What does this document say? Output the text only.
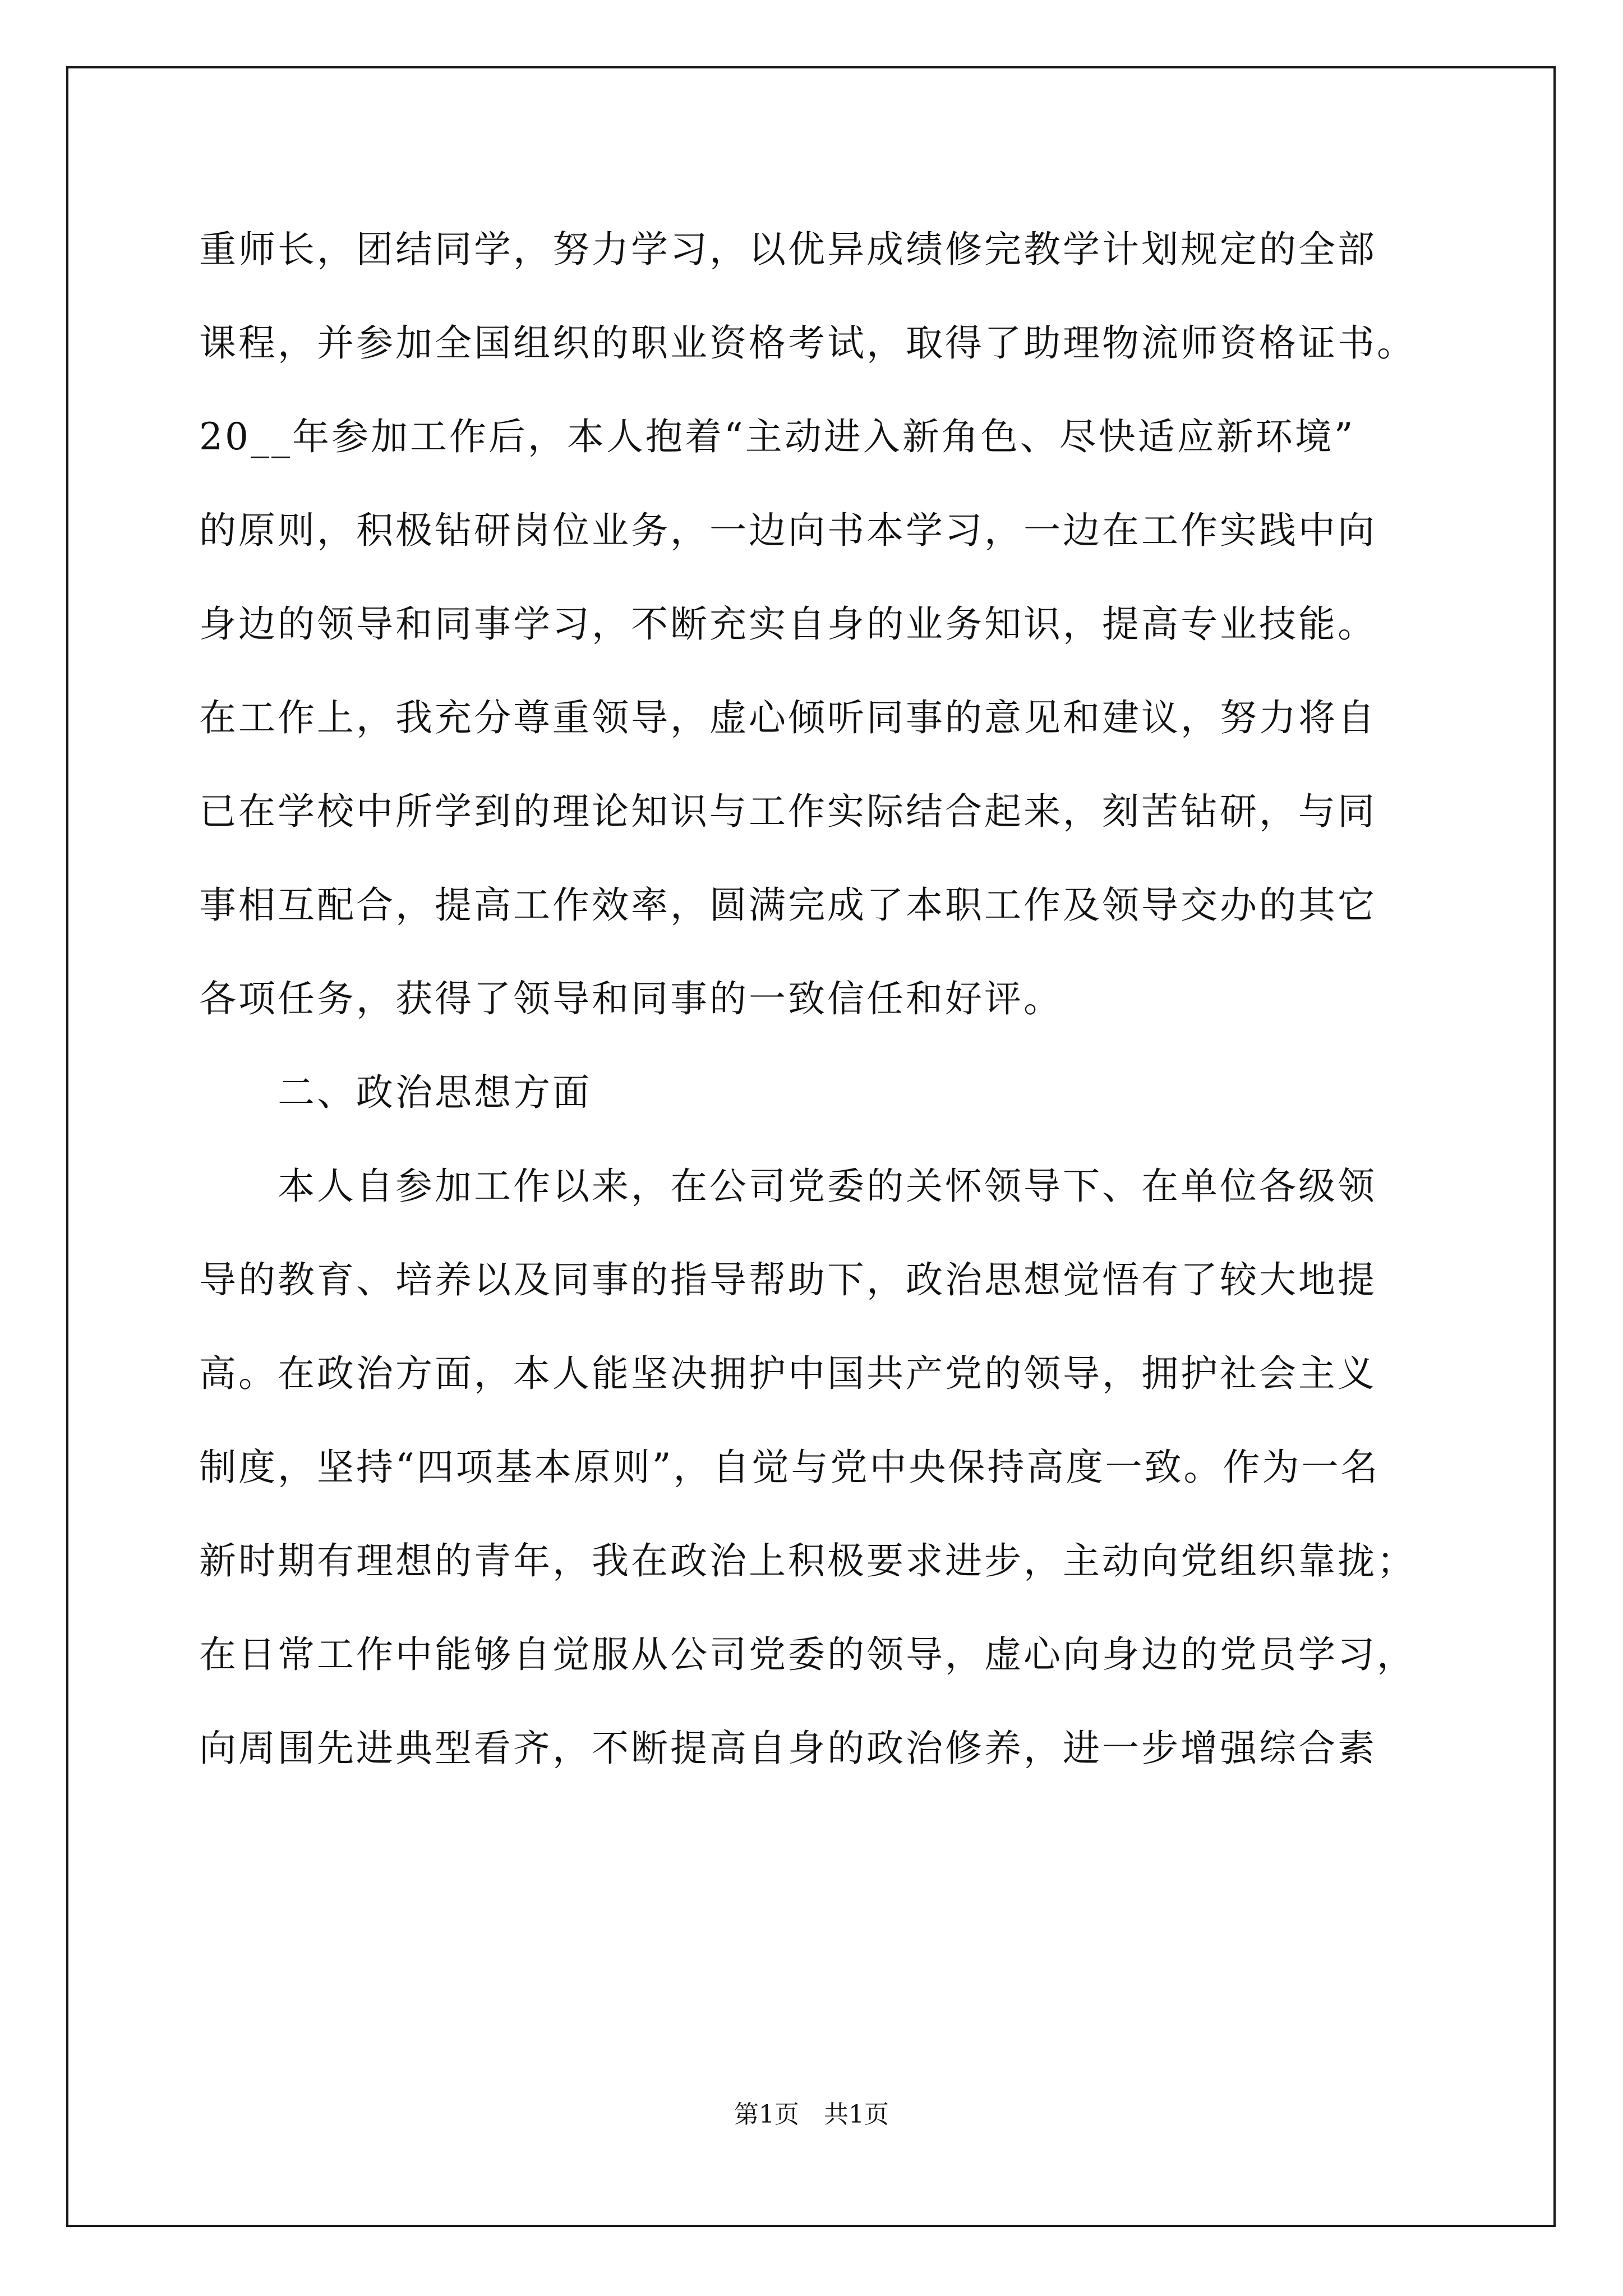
重师长，团结同学，努力学习，以优异成绩修完教学计划规定的全部
课程，并参加全国组织的职业资格考试，取得了助理物流师资格证书。
20__年参加工作后，本人抱着“主动进入新角色、尽快适应新环境”
的原则，积极钻研岗位业务，一边向书本学习，一边在工作实践中向
身边的领导和同事学习，不断充实自身的业务知识，提高专业技能。
在工作上，我充分尊重领导，虚心倾听同事的意见和建议，努力将自
已在学校中所学到的理论知识与工作实际结合起来，刻苦钻研，与同
事相互配合，提高工作效率，圆满完成了本职工作及领导交办的其它
各项任务，获得了领导和同事的一致信任和好评。
二、政治思想方面
本人自参加工作以来，在公司党委的关怀领导下、在单位各级领
导的教育、培养以及同事的指导帮助下，政治思想觉悟有了较大地提
高。在政治方面，本人能坚决拥护中国共产党的领导，拥护社会主义
制度，坚持“四项基本原则”，自觉与党中央保持高度一致。作为一名
新时期有理想的青年，我在政治上积极要求进步，主动向党组织靠拢；
在日常工作中能够自觉服从公司党委的领导，虚心向身边的党员学习，
向周围先进典型看齐，不断提高自身的政治修养，进一步增强综合素
第1页　共1页
